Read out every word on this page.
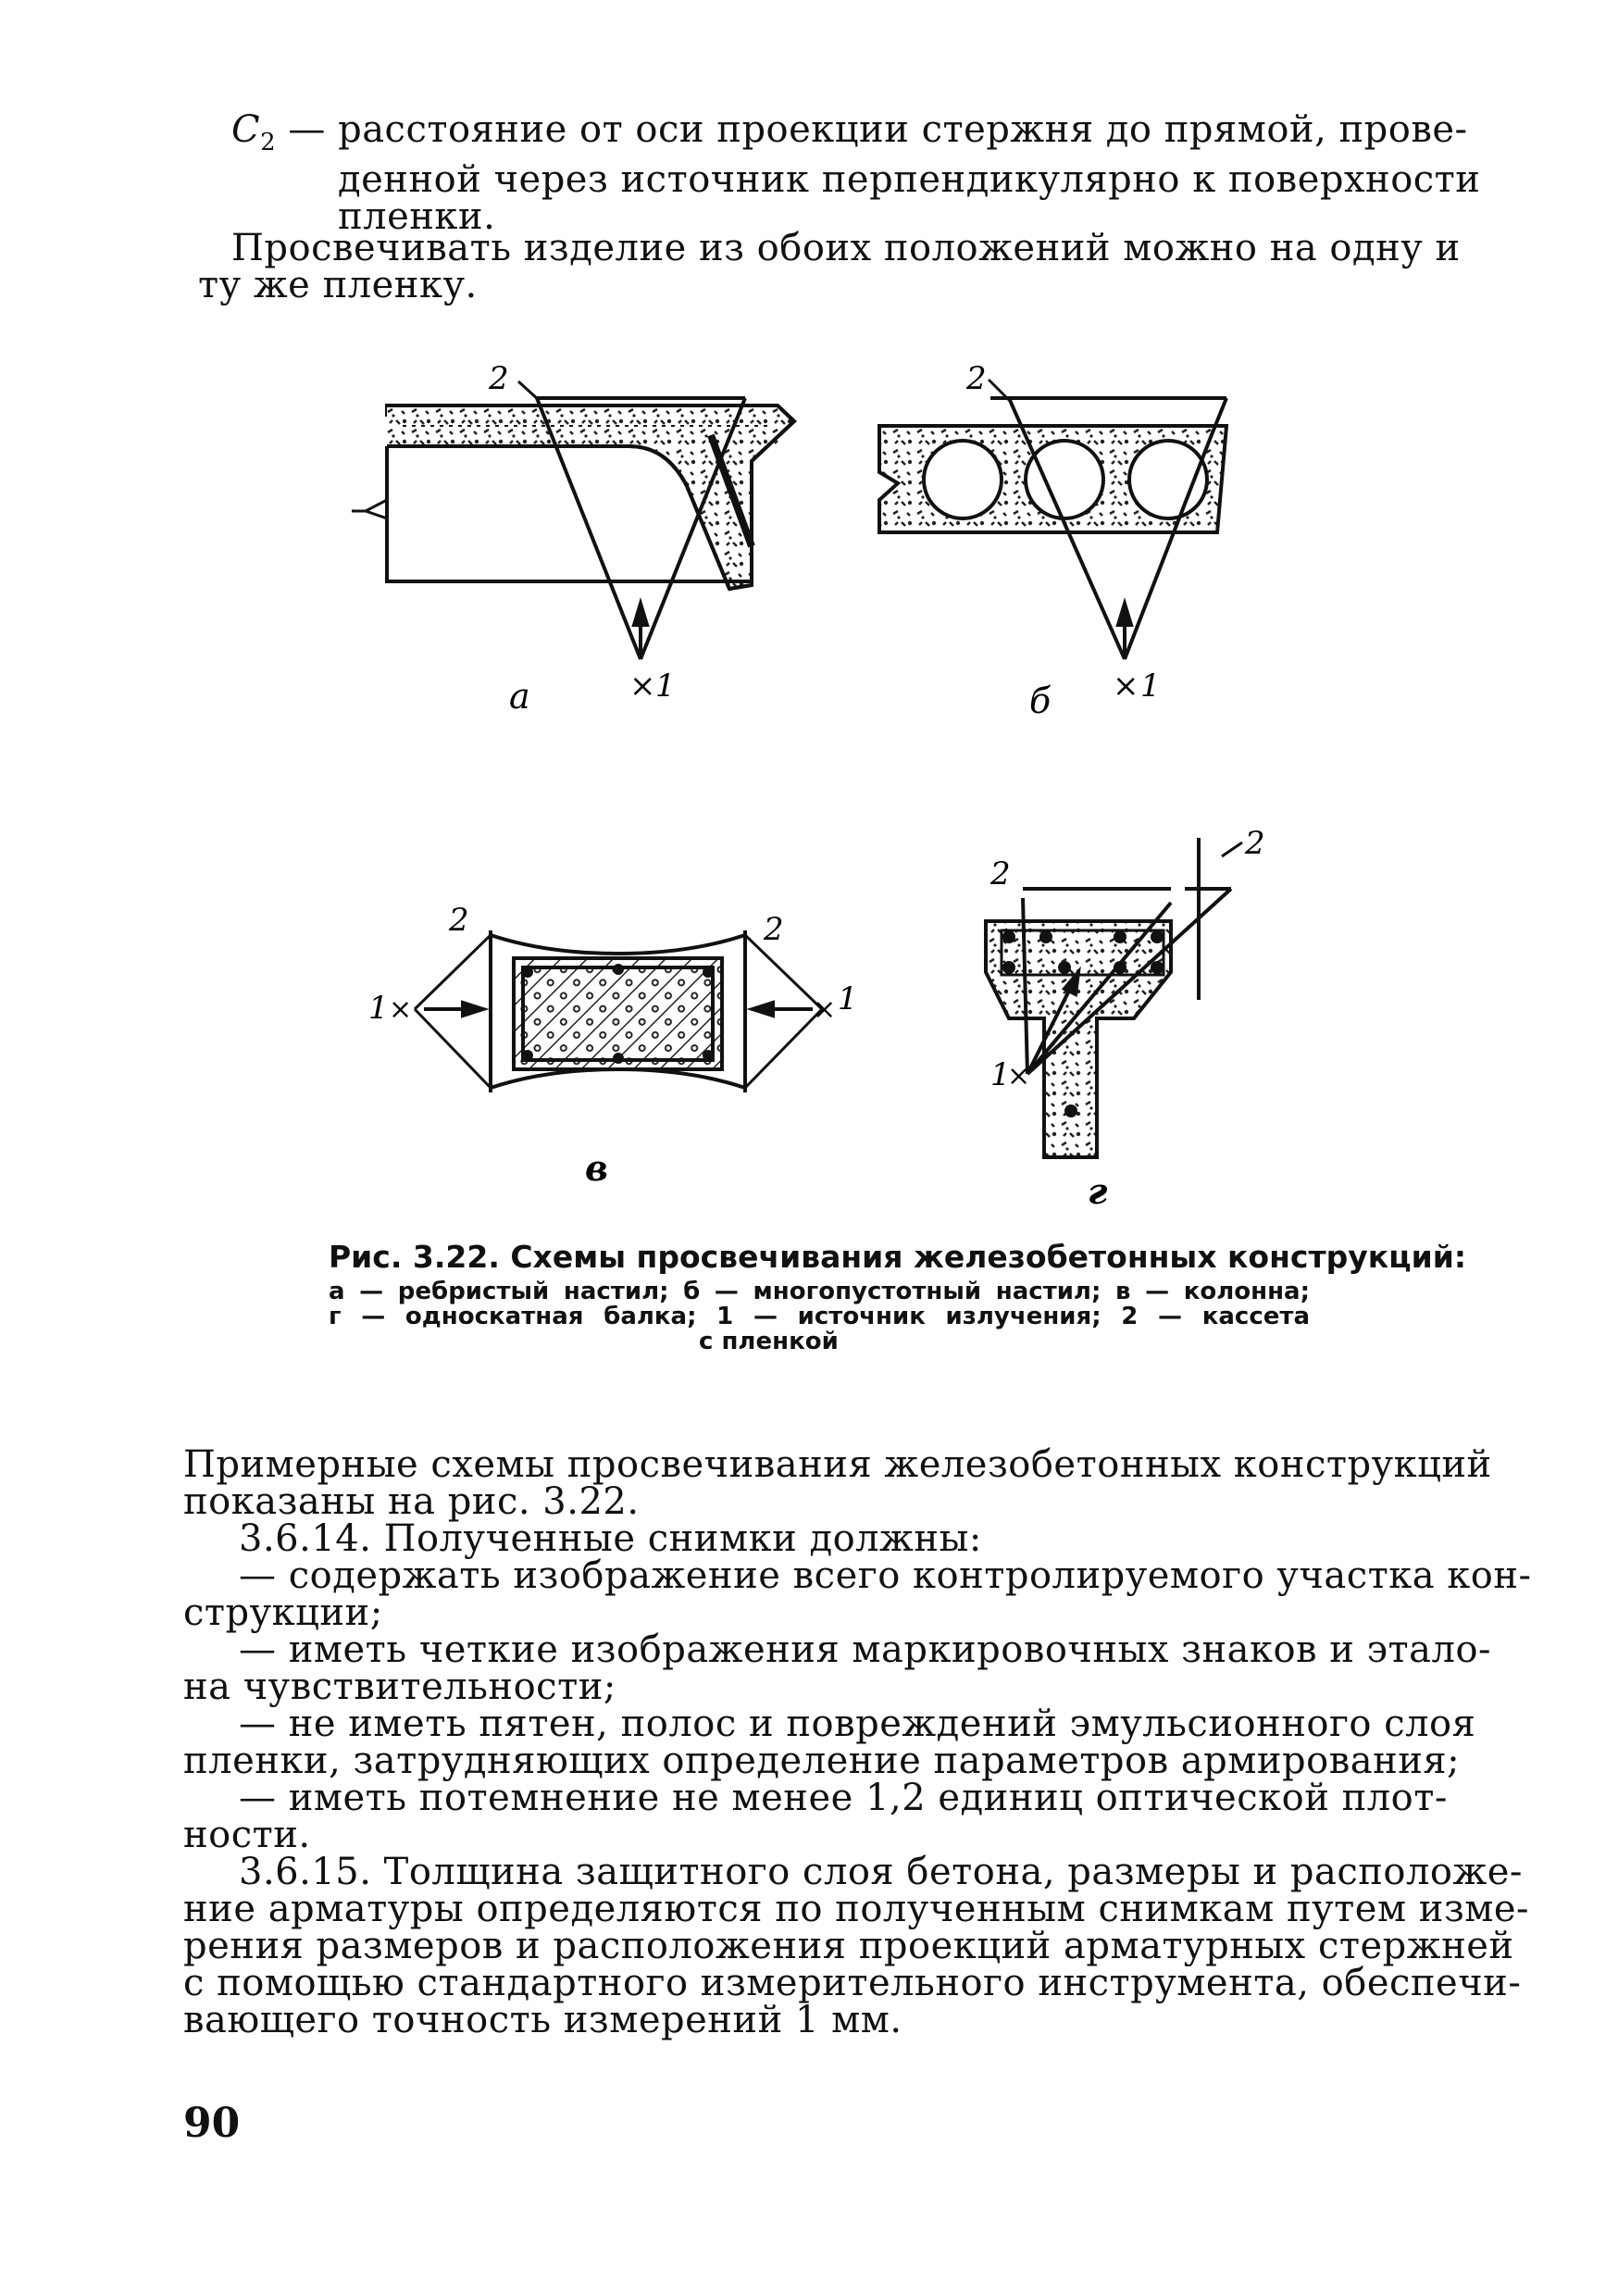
$C_2$ — расстояние от оси проекции стержня до прямой, прове-
денной через источник перпендикулярно к поверхности
пленки.
Просвечивать изделие из обоих положений можно на одну и
ту же пленку.
2
× 1
а
2
× 1
б
2	2
1 ×	× 1
в
2
2
1
×
г
Рис. 3.22. Схемы просвечивания железобетонных конструкций:
а — ребристый настил; б — многопустотный настил; в — колонна;
г — односкатная балка; 1 — источник излучения; 2 — кассета
с пленкой
Примерные схемы просвечивания железобетонных конструкций
показаны на рис. 3.22.
3.6.14. Полученные снимки должны:
— содержать изображение всего контролируемого участка кон-
струкции;
— иметь четкие изображения маркировочных знаков и этало-
на чувствительности;
— не иметь пятен, полос и повреждений эмульсионного слоя
пленки, затрудняющих определение параметров армирования;
— иметь потемнение не менее 1,2 единиц оптической плот-
ности.
3.6.15. Толщина защитного слоя бетона, размеры и расположе-
ние арматуры определяются по полученным снимкам путем изме-
рения размеров и расположения проекций арматурных стержней
с помощью стандартного измерительного инструмента, обеспечи-
вающего точность измерений 1 мм.
90
